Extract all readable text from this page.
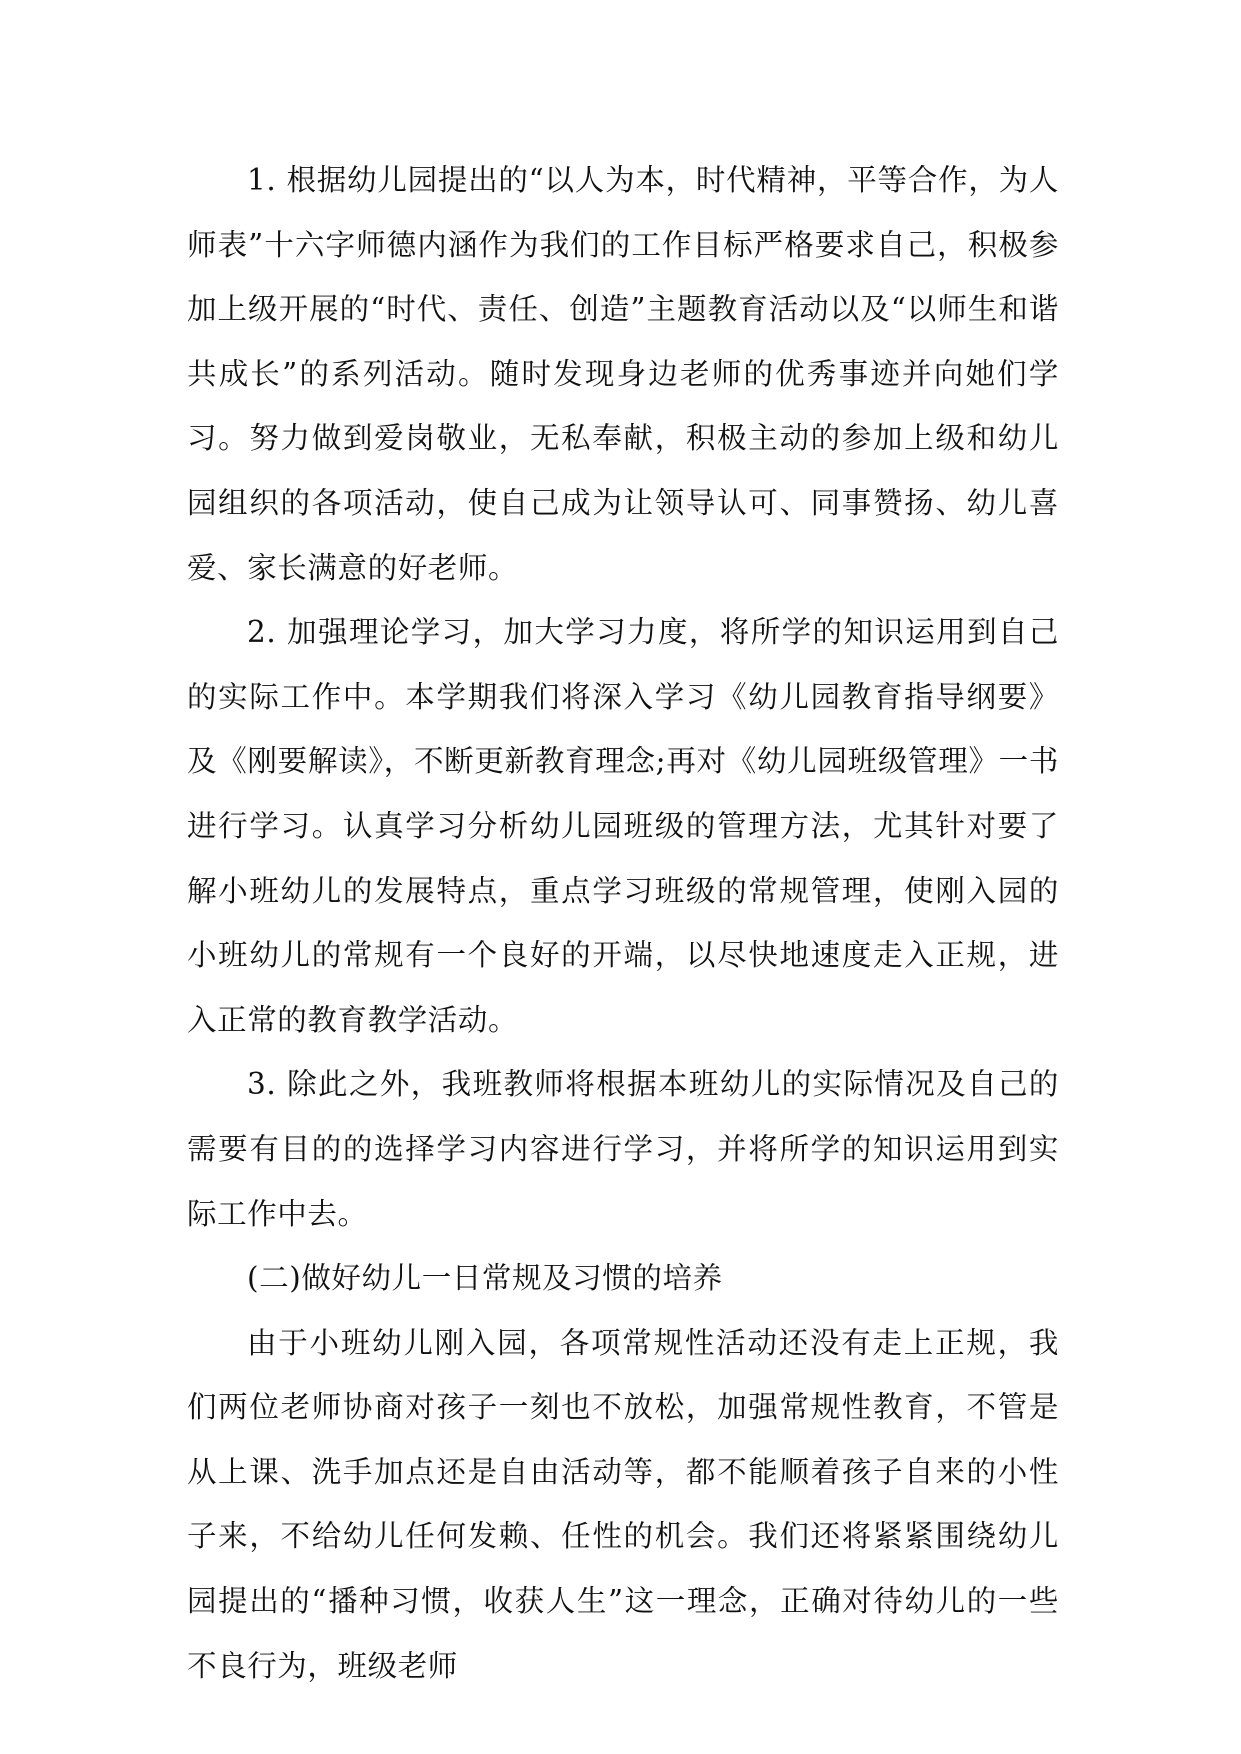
1. 根据幼儿园提出的“以人为本，时代精神，平等合作，为人师表”十六字师德内涵作为我们的工作目标严格要求自己，积极参加上级开展的“时代、责任、创造”主题教育活动以及“以师生和谐共成长”的系列活动。随时发现身边老师的优秀事迹并向她们学习。努力做到爱岗敬业，无私奉献，积极主动的参加上级和幼儿园组织的各项活动，使自己成为让领导认可、同事赞扬、幼儿喜爱、家长满意的好老师。

2. 加强理论学习，加大学习力度，将所学的知识运用到自己的实际工作中。本学期我们将深入学习《幼儿园教育指导纲要》及《刚要解读》，不断更新教育理念;再对《幼儿园班级管理》一书进行学习。认真学习分析幼儿园班级的管理方法，尤其针对要了解小班幼儿的发展特点，重点学习班级的常规管理，使刚入园的小班幼儿的常规有一个良好的开端，以尽快地速度走入正规，进入正常的教育教学活动。

3. 除此之外，我班教师将根据本班幼儿的实际情况及自己的需要有目的的选择学习内容进行学习，并将所学的知识运用到实际工作中去。

(二)做好幼儿一日常规及习惯的培养

由于小班幼儿刚入园，各项常规性活动还没有走上正规，我们两位老师协商对孩子一刻也不放松，加强常规性教育，不管是从上课、洗手加点还是自由活动等，都不能顺着孩子自来的小性子来，不给幼儿任何发赖、任性的机会。我们还将紧紧围绕幼儿园提出的“播种习惯，收获人生”这一理念，正确对待幼儿的一些不良行为，班级老师
